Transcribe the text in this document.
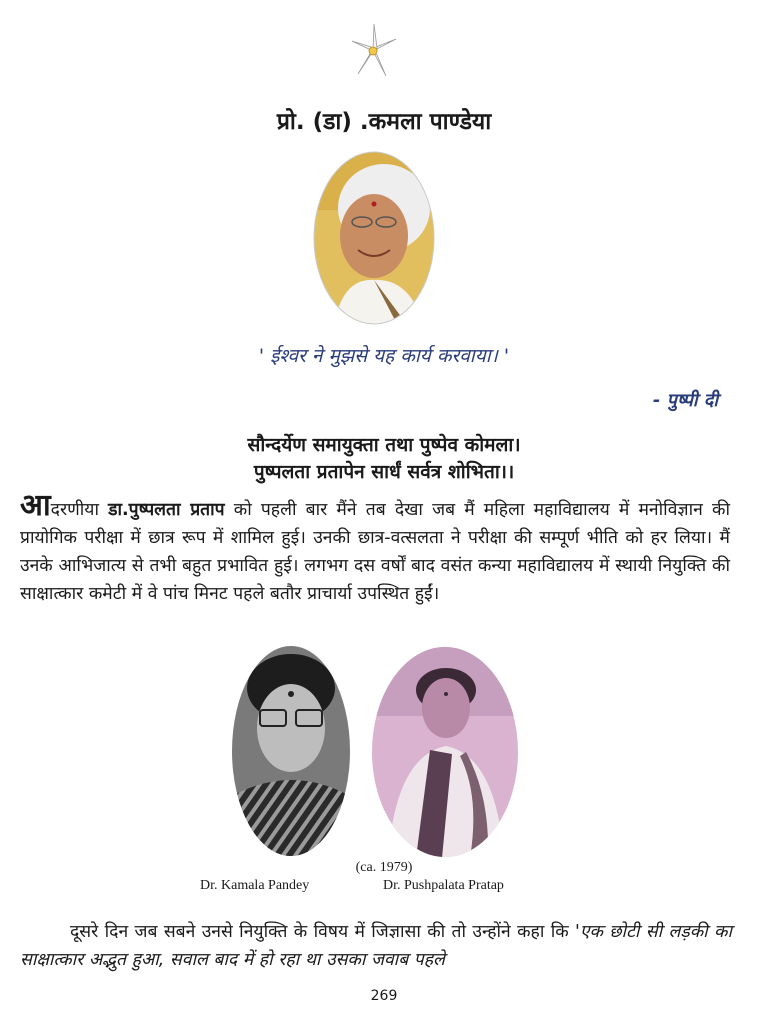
प्रो. (डा) .कमला पाण्डेया
' ईश्वर ने मुझसे यह कार्य करवाया। '
- पुष्पी दी
सौन्दर्येण समायुक्ता तथा पुष्पेव कोमला।
पुष्पलता प्रतापेन सार्धं सर्वत्र शोभिता।।
आदरणीया डा.पुष्पलता प्रताप को पहली बार मैंने तब देखा जब मैं महिला महाविद्यालय में मनोविज्ञान की प्रायोगिक परीक्षा में छात्र रूप में शामिल हुई। उनकी छात्र-वत्सलता ने परीक्षा की सम्पूर्ण भीति को हर लिया। मैं उनके आभिजात्य से तभी बहुत प्रभावित हुई। लगभग दस वर्षों बाद वसंत कन्या महाविद्यालय में स्थायी नियुक्ति की साक्षात्कार कमेटी में वे पांच मिनट पहले बतौर प्राचार्या उपस्थित हुईं।
(ca. 1979)
Dr. Kamala Pandey	Dr. Pushpalata Pratap
दूसरे दिन जब सबने उनसे नियुक्ति के विषय में जिज्ञासा की तो उन्होंने कहा कि 'एक छोटी सी लड़की का साक्षात्कार अद्भुत हुआ, सवाल बाद में हो रहा था उसका जवाब पहले
269
